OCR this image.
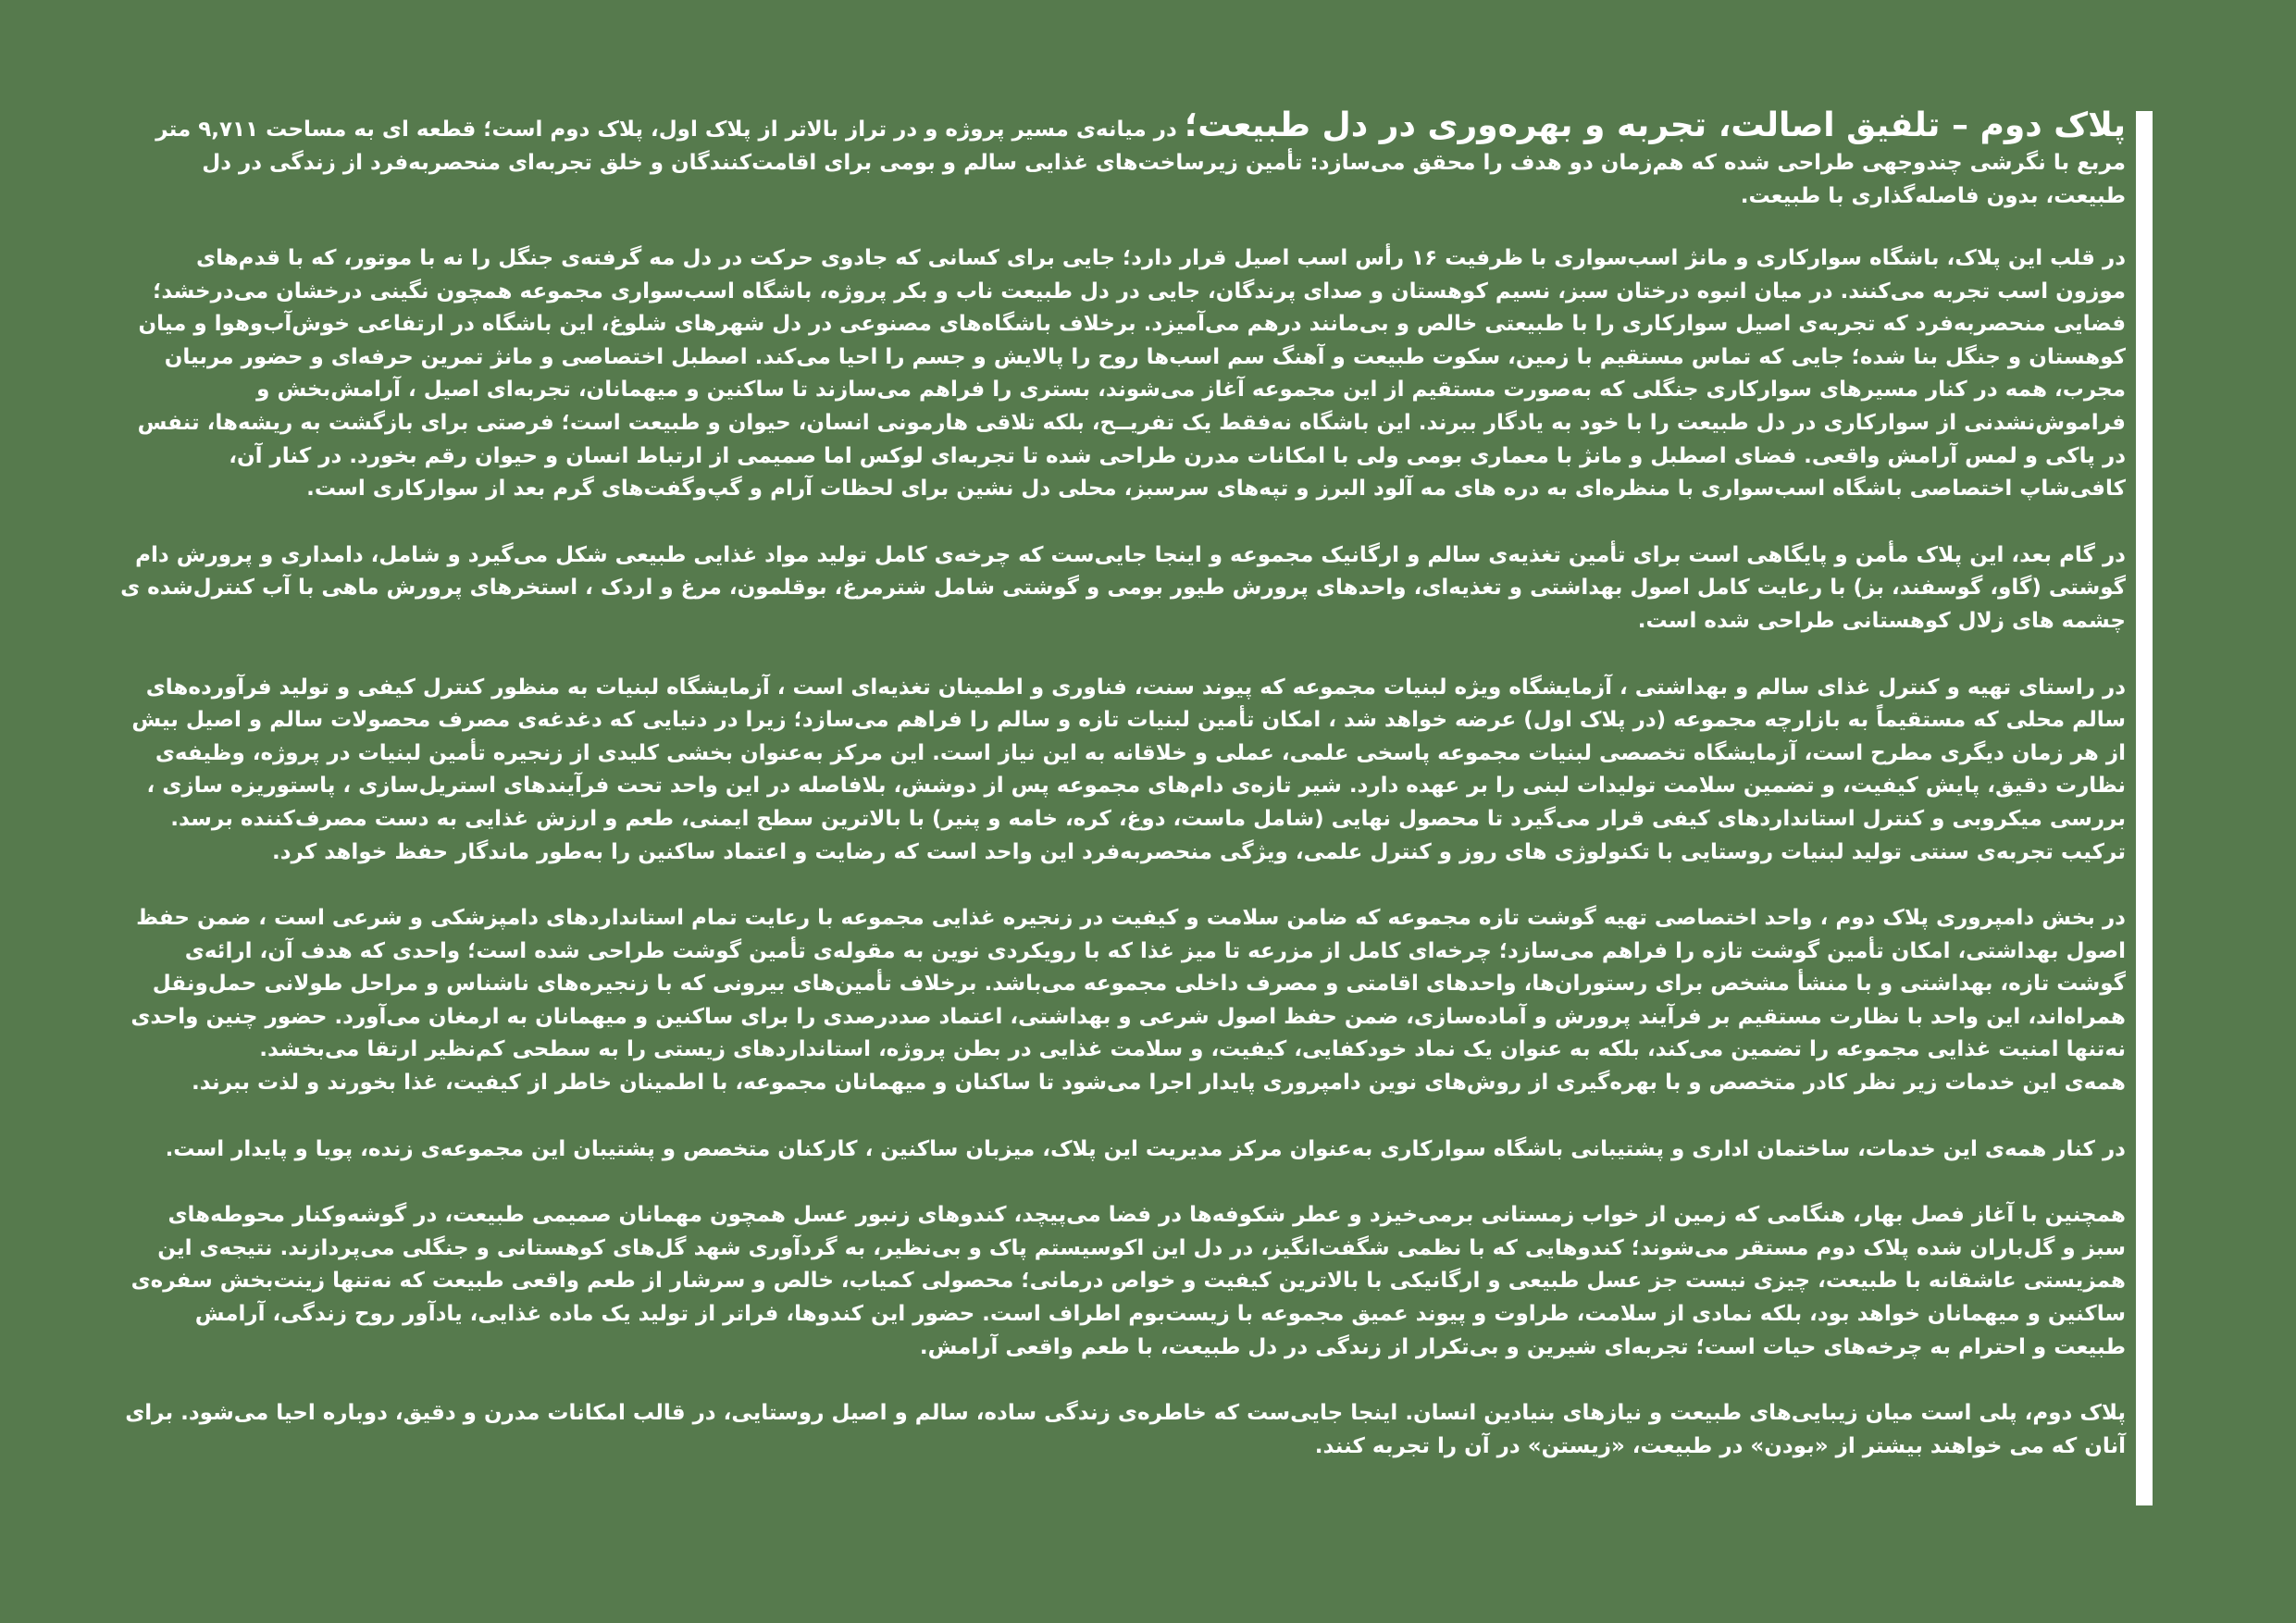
پلاک دوم – تلفیق اصالت، تجربه و بهره‌وری در دل طبیعت؛ در میانه‌ی مسیر پروژه و در تراز بالاتر از پلاک اول، پلاک دوم است؛ قطعه ای به مساحت ۹,۷۱۱ متر مربع با نگرشی چندوجهی طراحی شده که هم‌زمان دو هدف را محقق می‌سازد: تأمین زیرساخت‌های غذایی سالم و بومی برای اقامت‌کنندگان و خلق تجربه‌ای منحصربه‌فرد از زندگی در دل طبیعت، بدون فاصله‌گذاری با طبیعت.

در قلب این پلاک، باشگاه سوارکاری و مانژ اسب‌سواری با ظرفیت ۱۶ رأس اسب اصیل قرار دارد؛ جایی برای کسانی که جادوی حرکت در دل مه گرفته‌ی جنگل را نه با موتور، که با قدم‌های موزون اسب تجربه می‌کنند. در میان انبوه درختان سبز، نسیم کوهستان و صدای پرندگان، جایی در دل طبیعت ناب و بکر پروژه، باشگاه اسب‌سواری مجموعه همچون نگینی درخشان می‌درخشد؛ فضایی منحصربه‌فرد که تجربه‌ی اصیل سوارکاری را با طبیعتی خالص و بی‌مانند درهم می‌آمیزد. برخلاف باشگاه‌های مصنوعی در دل شهرهای شلوغ، این باشگاه در ارتفاعی خوش‌آب‌وهوا و میان کوهستان و جنگل بنا شده؛ جایی که تماس مستقیم با زمین، سکوت طبیعت و آهنگ سم اسب‌ها روح را پالایش و جسم را احیا می‌کند. اصطبل اختصاصی و مانژ تمرین حرفه‌ای و حضور مربیان مجرب، همه در کنار مسیرهای سوارکاری جنگلی که به‌صورت مستقیم از این مجموعه آغاز می‌شوند، بستری را فراهم می‌سازند تا ساکنین و میهمانان، تجربه‌ای اصیل ، آرامش‌بخش و فراموش‌نشدنی از سوارکاری در دل طبیعت را با خود به یادگار ببرند. این باشگاه نه‌فقط یک تفریــح، بلکه تلاقی هارمونی انسان، حیوان و طبیعت است؛ فرصتی برای بازگشت به ریشه‌ها، تنفس در پاکی و لمس آرامش واقعی. فضای اصطبل و مانژ با معماری بومی ولی با امکانات مدرن طراحی شده تا تجربه‌ای لوکس اما صمیمی از ارتباط انسان و حیوان رقم بخورد. در کنار آن، کافی‌شاپ اختصاصی باشگاه اسب‌سواری با منظره‌ای به دره های مه آلود البرز و تپه‌های سرسبز، محلی دل نشین برای لحظات آرام و گپ‌وگفت‌های گرم بعد از سوارکاری است.

در گام بعد، این پلاک مأمن و پایگاهی است برای تأمین تغذیه‌ی سالم و ارگانیک مجموعه و اینجا جایی‌ست که چرخه‌ی کامل تولید مواد غذایی طبیعی شکل می‌گیرد و شامل، دامداری و پرورش دام گوشتی (گاو، گوسفند، بز) با رعایت کامل اصول بهداشتی و تغذیه‌ای، واحدهای پرورش طیور بومی و گوشتی شامل شترمرغ، بوقلمون، مرغ و اردک ، استخرهای پرورش ماهی با آب کنترل‌شده ی چشمه های زلال کوهستانی طراحی شده است.

در راستای تهیه و کنترل غذای سالم و بهداشتی ، آزمایشگاه ویژه لبنیات مجموعه که پیوند سنت، فناوری و اطمینان تغذیه‌ای است ، آزمایشگاه لبنیات به منظور کنترل کیفی و تولید فرآورده‌های سالم محلی که مستقیماً به بازارچه مجموعه (در پلاک اول) عرضه خواهد شد ، امکان تأمین لبنیات تازه و سالم را فراهم می‌سازد؛ زیرا در دنیایی که دغدغه‌ی مصرف محصولات سالم و اصیل بیش از هر زمان دیگری مطرح است، آزمایشگاه تخصصی لبنیات مجموعه پاسخی علمی، عملی و خلاقانه به این نیاز است. این مرکز به‌عنوان بخشی کلیدی از زنجیره تأمین لبنیات در پروژه، وظیفه‌ی نظارت دقیق، پایش کیفیت، و تضمین سلامت تولیدات لبنی را بر عهده دارد. شیر تازه‌ی دام‌های مجموعه پس از دوشش، بلافاصله در این واحد تحت فرآیندهای استریل‌سازی ، پاستوریزه سازی ، بررسی میکروبی و کنترل استانداردهای کیفی قرار می‌گیرد تا محصول نهایی (شامل ماست، دوغ، کره، خامه و پنیر) با بالاترین سطح ایمنی، طعم و ارزش غذایی به دست مصرف‌کننده برسد. ترکیب تجربه‌ی سنتی تولید لبنیات روستایی با تکنولوژی های روز و کنترل علمی، ویژگی منحصربه‌فرد این واحد است که رضایت و اعتماد ساکنین را به‌طور ماندگار حفظ خواهد کرد.

در بخش دامپروری پلاک دوم ، واحد اختصاصی تهیه گوشت تازه مجموعه که ضامن سلامت و کیفیت در زنجیره غذایی مجموعه با رعایت تمام استانداردهای دامپزشکی و شرعی است ، ضمن حفظ اصول بهداشتی، امکان تأمین گوشت تازه را فراهم می‌سازد؛ چرخه‌ای کامل از مزرعه تا میز غذا که با رویکردی نوین به مقوله‌ی تأمین گوشت طراحی شده است؛ واحدی که هدف آن، ارائه‌ی گوشت تازه، بهداشتی و با منشأ مشخص برای رستوران‌ها، واحدهای اقامتی و مصرف داخلی مجموعه می‌باشد. برخلاف تأمین‌های بیرونی که با زنجیره‌های ناشناس و مراحل طولانی حمل‌ونقل همراه‌اند، این واحد با نظارت مستقیم بر فرآیند پرورش و آماده‌سازی، ضمن حفظ اصول شرعی و بهداشتی، اعتماد صددرصدی را برای ساکنین و میهمانان به ارمغان می‌آورد. حضور چنین واحدی نه‌تنها امنیت غذایی مجموعه را تضمین می‌کند، بلکه به عنوان یک نماد خودکفایی، کیفیت، و سلامت غذایی در بطن پروژه، استانداردهای زیستی را به سطحی کم‌نظیر ارتقا می‌بخشد.
همه‌ی این خدمات زیر نظر کادر متخصص و با بهره‌گیری از روش‌های نوین دامپروری پایدار اجرا می‌شود تا ساکنان و میهمانان مجموعه، با اطمینان خاطر از کیفیت، غذا بخورند و لذت ببرند.

در کنار همه‌ی این خدمات، ساختمان اداری و پشتیبانی باشگاه سوارکاری به‌عنوان مرکز مدیریت این پلاک، میزبان ساکنین ، کارکنان متخصص و پشتیبان این مجموعه‌ی زنده، پویا و پایدار است.

همچنین با آغاز فصل بهار، هنگامی که زمین از خواب زمستانی برمی‌خیزد و عطر شکوفه‌ها در فضا می‌پیچد، کندوهای زنبور عسل همچون مهمانان صمیمی طبیعت، در گوشه‌وکنار محوطه‌های سبز و گل‌باران شده پلاک دوم مستقر می‌شوند؛ کندوهایی که با نظمی شگفت‌انگیز، در دل این اکوسیستم پاک و بی‌نظیر، به گردآوری شهد گل‌های کوهستانی و جنگلی می‌پردازند. نتیجه‌ی این همزیستی عاشقانه با طبیعت، چیزی نیست جز عسل طبیعی و ارگانیکی با بالاترین کیفیت و خواص درمانی؛ محصولی کمیاب، خالص و سرشار از طعم واقعی طبیعت که نه‌تنها زینت‌بخش سفره‌ی ساکنین و میهمانان خواهد بود، بلکه نمادی از سلامت، طراوت و پیوند عمیق مجموعه با زیست‌بوم اطراف است. حضور این کندوها، فراتر از تولید یک ماده غذایی، یادآور روح زندگی، آرامش طبیعت و احترام به چرخه‌های حیات است؛ تجربه‌ای شیرین و بی‌تکرار از زندگی در دل طبیعت، با طعم واقعی آرامش.

پلاک دوم، پلی است میان زیبایی‌های طبیعت و نیازهای بنیادین انسان. اینجا جایی‌ست که خاطره‌ی زندگی ساده، سالم و اصیل روستایی، در قالب امکانات مدرن و دقیق، دوباره احیا می‌شود. برای آنان که می خواهند بیشتر از «بودن» در طبیعت، «زیستن» در آن را تجربه کنند.
